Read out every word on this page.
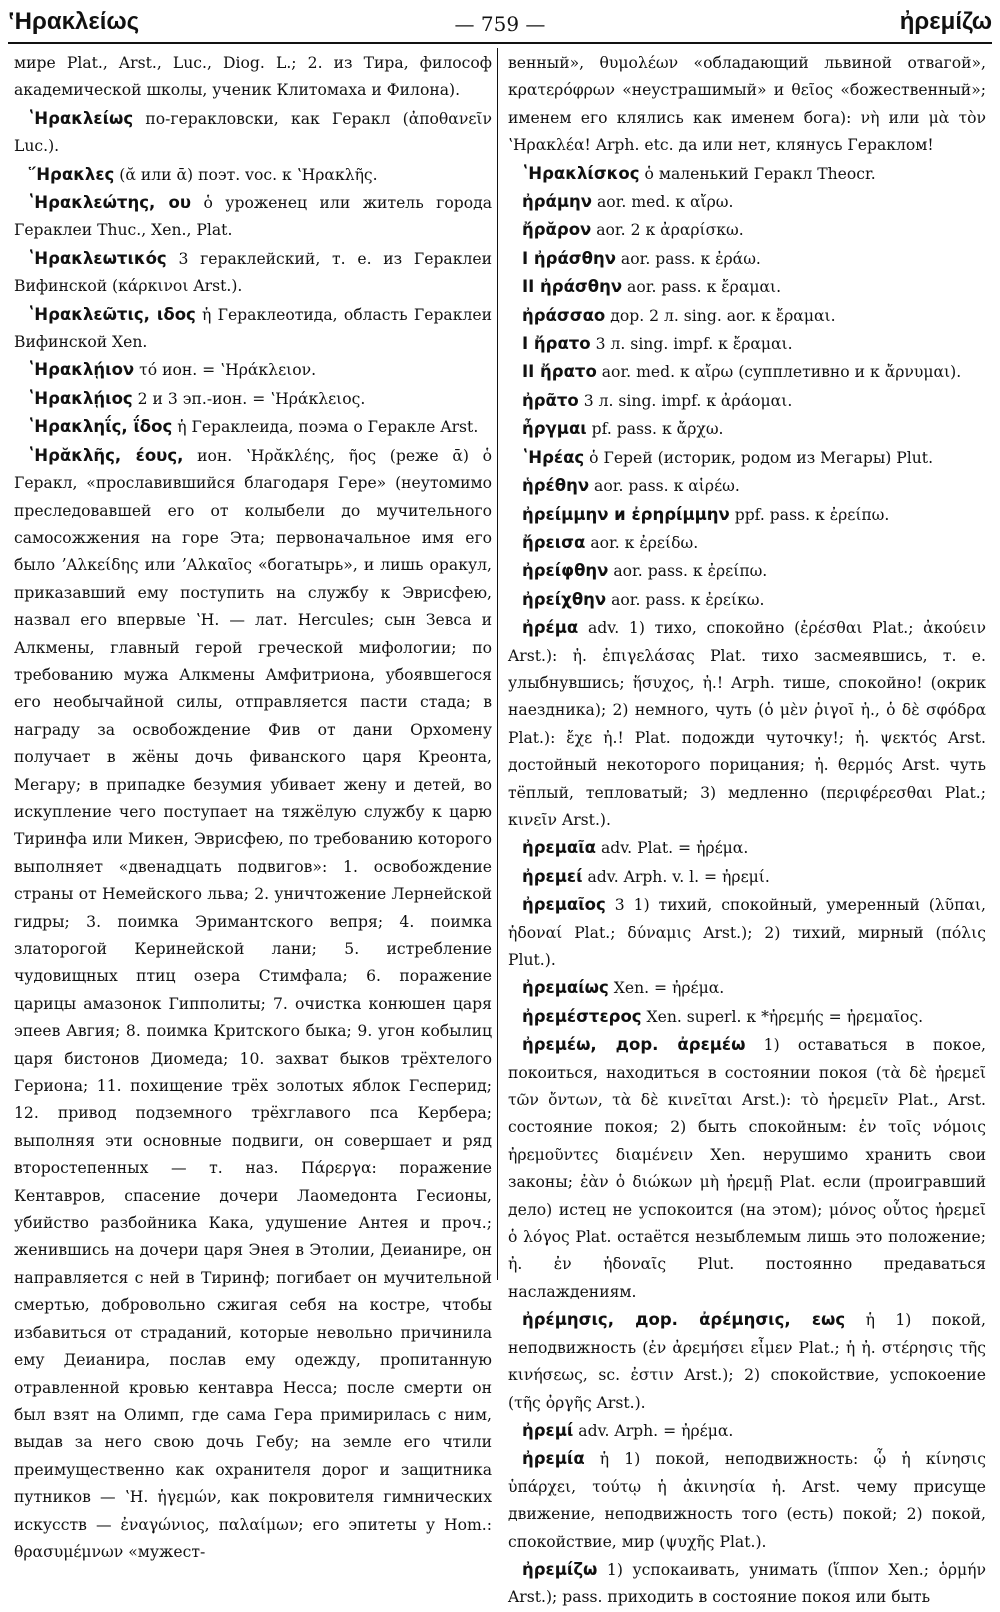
ʽΗρακλείως	— 759 —	ἠρεμίζω

мире Plat., Arst., Luc., Diog. L.; 2. из Тира, философ академической школы, ученик Клитомаха и Филона).

ʽΗρακλείως по-геракловски, как Геракл (ἀποθανεῖν Luc.).

῞Ηρακλες (ᾰ или ᾱ) поэт. voc. к ʽΗρακλῆς.

ʽΗρακλεώτης, ου ὁ уроженец или житель города Гераклеи Thuc., Xen., Plat.

ʽΗρακλεωτικός 3 гераклейский, т. е. из Гераклеи Вифинской (κάρκινοι Arst.).

ʽΗρακλεῶτις, ιδος ἡ Гераклеотида, область Гераклеи Вифинской Xen.

ʽΗρακλῄιον τό ион. = ʽΗράκλειον.

ʽΗρακλῄιος 2 и 3 эп.-ион. = ʽΗράκλειος.

ʽΗρακληΐς, ΐδος ἡ Гераклеида, поэма о Геракле Arst.

ʽΗρᾰκλῆς, έους, ион. ʽΗρᾰκλέης, ῆος (реже ᾱ) ὁ Геракл, «прославившийся благодаря Гере» (неутомимо преследовавшей его от колыбели до мучительного самосожжения на горе Эта; первоначальное имя его было ʼΑλκείδης или ʼΑλκαῖος «богатырь», и лишь оракул, приказавший ему поступить на службу к Эврисфею, назвал его впервые ʽΗ. — лат. Hercules; сын Зевса и Алкмены, главный герой греческой мифологии; по требованию мужа Алкмены Амфитриона, убоявшегося его необычайной силы, отправляется пасти стада; в награду за освобождение Фив от дани Орхомену получает в жёны дочь фиванского царя Креонта, Мегару; в припадке безумия убивает жену и детей, во искупление чего поступает на тяжёлую службу к царю Тиринфа или Микен, Эврисфею, по требованию которого выполняет «двенадцать подвигов»: 1. освобождение страны от Немейского льва; 2. уничтожение Лернейской гидры; 3. поимка Эримантского вепря; 4. поимка златорогой Керинейской лани; 5. истребление чудовищных птиц озера Стимфала; 6. поражение царицы амазонок Гипполиты; 7. очистка конюшен царя эпеев Авгия; 8. поимка Критского быка; 9. угон кобылиц царя бистонов Диомеда; 10. захват быков трёхтелого Гериона; 11. похищение трёх золотых яблок Гесперид; 12. привод подземного трёхглавого пса Кербера; выполняя эти основные подвиги, он совершает и ряд второстепенных — т. наз. Πάρεργα: поражение Кентавров, спасение дочери Лаомедонта Гесионы, убийство разбойника Кака, удушение Антея и проч.; женившись на дочери царя Энея в Этолии, Деианире, он направляется с ней в Тиринф; погибает он мучительной смертью, добровольно сжигая себя на костре, чтобы избавиться от страданий, которые невольно причинила ему Деианира, послав ему одежду, пропитанную отравленной кровью кентавра Несса; после смерти он был взят на Олимп, где сама Гера примирилась с ним, выдав за него свою дочь Гебу; на земле его чтили преимущественно как охранителя дорог и защитника путников — ʽΗ. ἡγεμών, как покровителя гимнических искусств — ἐναγώνιος, παλαίμων; его эпитеты у Hom.: θρασυμέμνων «мужест-

венный», θυμολέων «обладающий львиной отвагой», κρατερόφρων «неустрашимый» и θεῖος «божественный»; именем его клялись как именем бога): νὴ или μὰ τὸν ʽΗρακλέα! Arph. etc. да или нет, клянусь Гераклом!

ʽΗρακλίσκος ὁ маленький Геракл Theocr.

ἠράμην aor. med. к αἴρω.

ἤρᾰρον aor. 2 к ἀραρίσκω.

I ἠράσθην aor. pass. к ἐράω.

II ἠράσθην aor. pass. к ἔραμαι.

ἠράσσαο дор. 2 л. sing. aor. к ἔραμαι.

I ἤρατο 3 л. sing. impf. к ἔραμαι.

II ἤρατο aor. med. к αἴρω (супплетивно и к ἄρνυμαι).

ἠρᾶτο 3 л. sing. impf. к ἀράομαι.

ἦργμαι pf. pass. к ἄρχω.

ʽΗρέας ὁ Герей (историк, родом из Мегары) Plut.

ἡρέθην aor. pass. к αἱρέω.

ἠρείμμην и ἐρηρίμμην ppf. pass. к ἐρείπω.

ἤρεισα aor. к ἐρείδω.

ἠρείφθην aor. pass. к ἐρείπω.

ἠρείχθην aor. pass. к ἐρείκω.

ἠρέμα adv. 1) тихо, спокойно (ἐρέσθαι Plat.; ἀκούειν Arst.): ἠ. ἐπιγελάσας Plat. тихо засмеявшись, т. е. улыбнувшись; ἥσυχος, ἠ.! Arph. тише, спокойно! (окрик наездника); 2) немного, чуть (ὁ μὲν ῥιγοῖ ἠ., ὁ δὲ σφόδρα Plat.): ἔχε ἠ.! Plat. подожди чуточку!; ἠ. ψεκτός Arst. достойный некоторого порицания; ἠ. θερμός Arst. чуть тёплый, тепловатый; 3) медленно (περιφέρεσθαι Plat.; κινεῖν Arst.).

ἠρεμαῖα adv. Plat. = ἠρέμα.

ἠρεμεί adv. Arph. v. l. = ἠρεμί.

ἠρεμαῖος 3 1) тихий, спокойный, умеренный (λῦπαι, ἡδοναί Plat.; δύναμις Arst.); 2) тихий, мирный (πόλις Plut.).

ἠρεμαίως Xen. = ἠρέμα.

ἠρεμέστερος Xen. superl. к *ἠρεμής = ἠρεμαῖος.

ἠρεμέω, дор. ἀρεμέω 1) оставаться в покое, покоиться, находиться в состоянии покоя (τὰ δὲ ἠρεμεῖ τῶν ὄντων, τὰ δὲ κινεῖται Arst.): τὸ ἠρεμεῖν Plat., Arst. состояние покоя; 2) быть спокойным: ἐν τοῖς νόμοις ἠρεμοῦντες διαμένειν Xen. нерушимо хранить свои законы; ἐὰν ὁ διώκων μὴ ἠρεμῇ Plat. если (проигравший дело) истец не успокоится (на этом); μόνος οὗτος ἠρεμεῖ ὁ λόγος Plat. остаётся незыблемым лишь это положение; ἠ. ἐν ἡδοναῖς Plut. постоянно предаваться наслаждениям.

ἠρέμησις, дор. ἀρέμησις, εως ἡ 1) покой, неподвижность (ἐν ἀρεμήσει εἶμεν Plat.; ἡ ἠ. στέρησις τῆς κινήσεως, sc. ἐστιν Arst.); 2) спокойствие, успокоение (τῆς ὀργῆς Arst.).

ἠρεμί adv. Arph. = ἠρέμα.

ἠρεμία ἡ 1) покой, неподвижность: ᾧ ἡ κίνησις ὑπάρχει, τούτῳ ἡ ἀκινησία ἠ. Arst. чему присуще движение, неподвижность того (есть) покой; 2) покой, спокойствие, мир (ψυχῆς Plat.).

ἠρεμίζω 1) успокаивать, унимать (ἵππον Xen.; ὁρμήν Arst.); pass. приходить в состояние покоя или быть
